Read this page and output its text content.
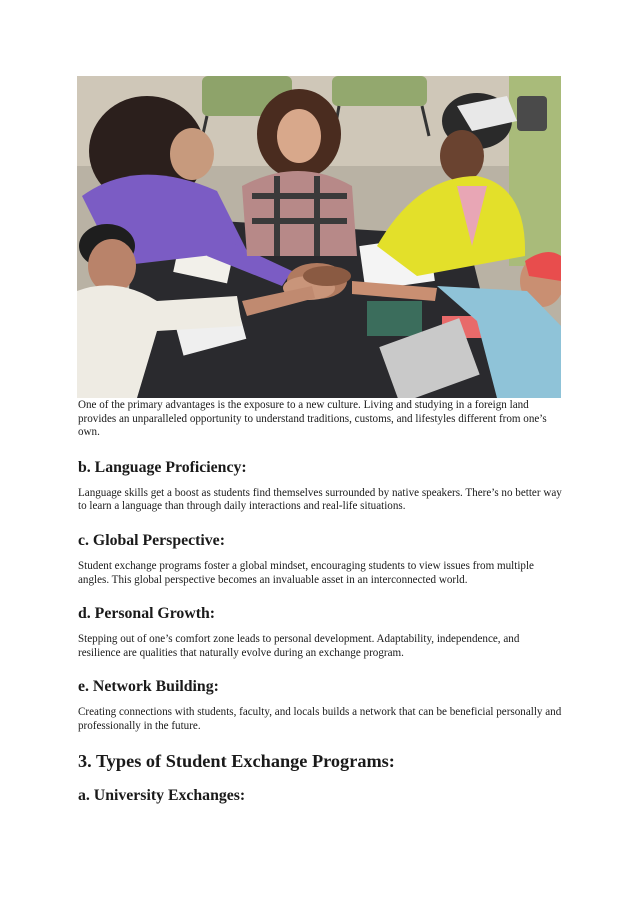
One of the primary advantages is the exposure to a new culture. Living and studying in a foreign land provides an unparalleled opportunity to understand traditions, customs, and lifestyles different from one’s own.

b. Language Proficiency:

Language skills get a boost as students find themselves surrounded by native speakers. There’s no better way to learn a language than through daily interactions and real-life situations.

c. Global Perspective:

Student exchange programs foster a global mindset, encouraging students to view issues from multiple angles. This global perspective becomes an invaluable asset in an interconnected world.

d. Personal Growth:

Stepping out of one’s comfort zone leads to personal development. Adaptability, independence, and resilience are qualities that naturally evolve during an exchange program.

e. Network Building:

Creating connections with students, faculty, and locals builds a network that can be beneficial personally and professionally in the future.

3. Types of Student Exchange Programs:
a. University Exchanges:
